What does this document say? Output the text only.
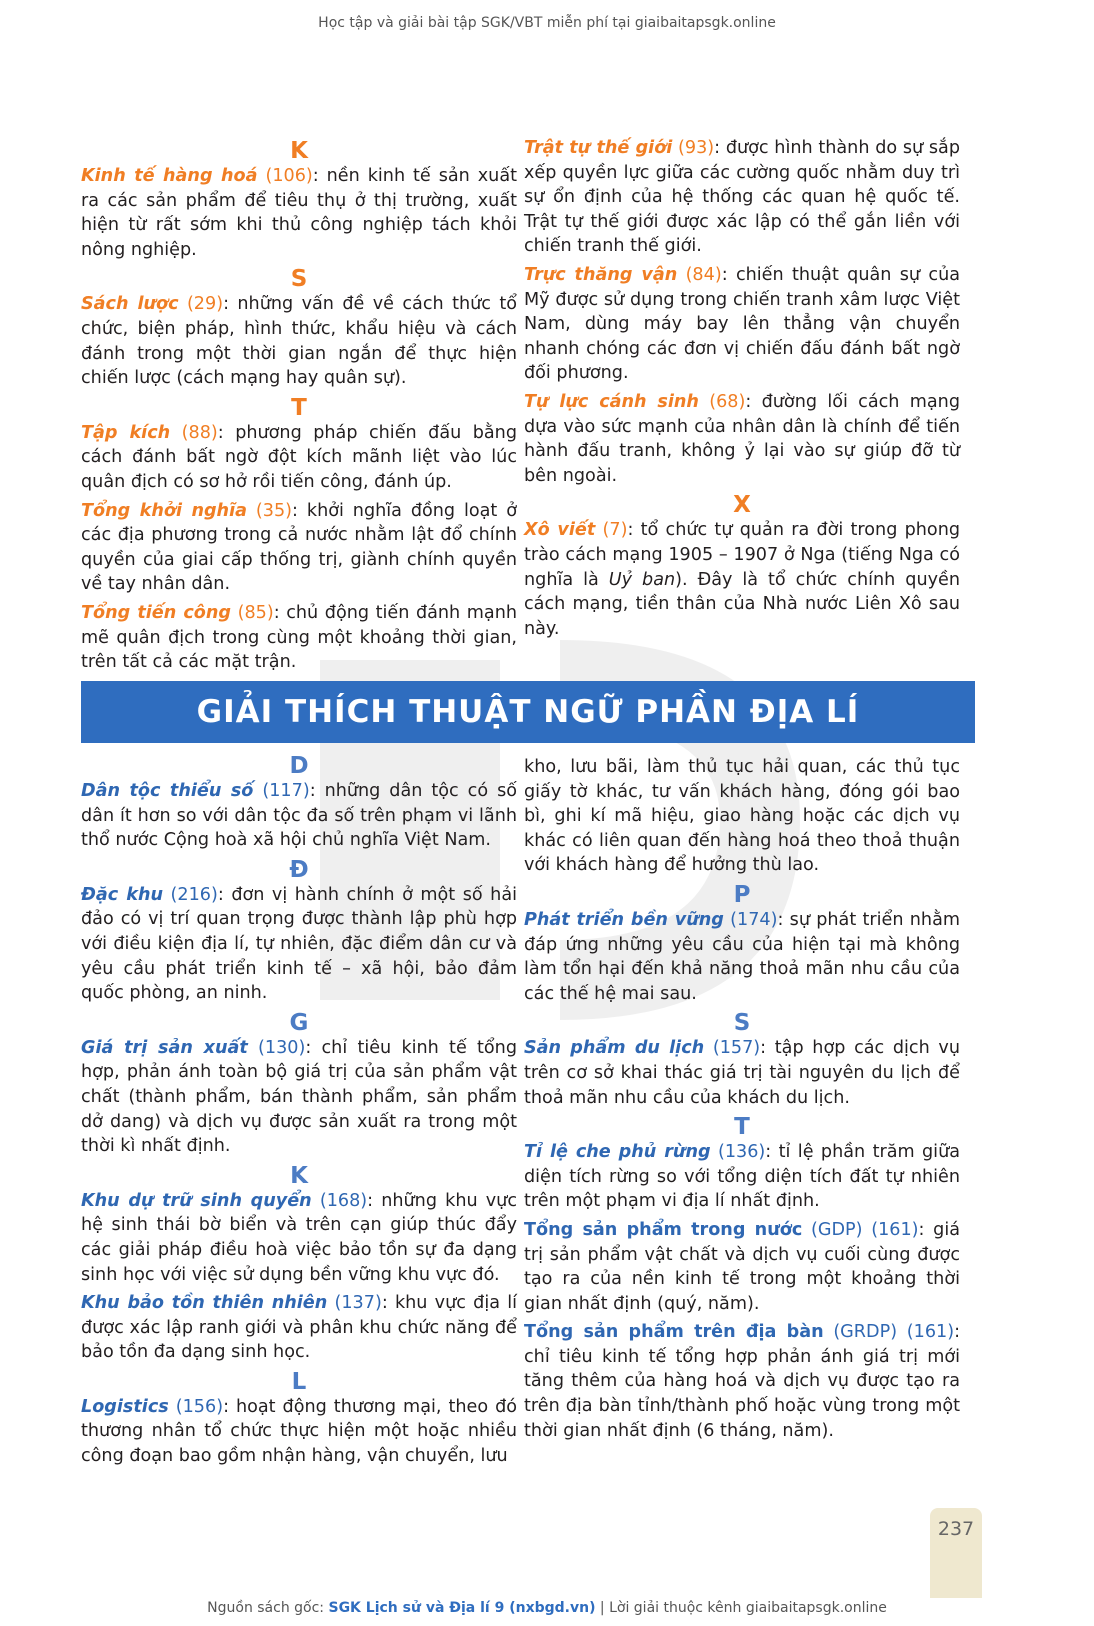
Học tập và giải bài tập SGK/VBT miễn phí tại giaibaitapsgk.online
K

Kinh tế hàng hoá (106): nền kinh tế sản xuất ra các sản phẩm để tiêu thụ ở thị trường, xuất hiện từ rất sớm khi thủ công nghiệp tách khỏi nông nghiệp.

S

Sách lược (29): những vấn đề về cách thức tổ chức, biện pháp, hình thức, khẩu hiệu và cách đánh trong một thời gian ngắn để thực hiện chiến lược (cách mạng hay quân sự).

T

Tập kích (88): phương pháp chiến đấu bằng cách đánh bất ngờ đột kích mãnh liệt vào lúc quân địch có sơ hở rồi tiến công, đánh úp.

Tổng khởi nghĩa (35): khởi nghĩa đồng loạt ở các địa phương trong cả nước nhằm lật đổ chính quyền của giai cấp thống trị, giành chính quyền về tay nhân dân.

Tổng tiến công (85): chủ động tiến đánh mạnh mẽ quân địch trong cùng một khoảng thời gian, trên tất cả các mặt trận.

Trật tự thế giới (93): được hình thành do sự sắp xếp quyền lực giữa các cường quốc nhằm duy trì sự ổn định của hệ thống các quan hệ quốc tế. Trật tự thế giới được xác lập có thể gắn liền với chiến tranh thế giới.

Trực thăng vận (84): chiến thuật quân sự của Mỹ được sử dụng trong chiến tranh xâm lược Việt Nam, dùng máy bay lên thẳng vận chuyển nhanh chóng các đơn vị chiến đấu đánh bất ngờ đối phương.

Tự lực cánh sinh (68): đường lối cách mạng dựa vào sức mạnh của nhân dân là chính để tiến hành đấu tranh, không ỷ lại vào sự giúp đỡ từ bên ngoài.

X

Xô viết (7): tổ chức tự quản ra đời trong phong trào cách mạng 1905 – 1907 ở Nga (tiếng Nga có nghĩa là Uỷ ban). Đây là tổ chức chính quyền cách mạng, tiền thân của Nhà nước Liên Xô sau này.

GIẢI THÍCH THUẬT NGỮ PHẦN ĐỊA LÍ
D

Dân tộc thiểu số (117): những dân tộc có số dân ít hơn so với dân tộc đa số trên phạm vi lãnh thổ nước Cộng hoà xã hội chủ nghĩa Việt Nam.

Đ

Đặc khu (216): đơn vị hành chính ở một số hải đảo có vị trí quan trọng được thành lập phù hợp với điều kiện địa lí, tự nhiên, đặc điểm dân cư và yêu cầu phát triển kinh tế – xã hội, bảo đảm quốc phòng, an ninh.

G

Giá trị sản xuất (130): chỉ tiêu kinh tế tổng hợp, phản ánh toàn bộ giá trị của sản phẩm vật chất (thành phẩm, bán thành phẩm, sản phẩm dở dang) và dịch vụ được sản xuất ra trong một thời kì nhất định.

K

Khu dự trữ sinh quyển (168): những khu vực hệ sinh thái bờ biển và trên cạn giúp thúc đẩy các giải pháp điều hoà việc bảo tồn sự đa dạng sinh học với việc sử dụng bền vững khu vực đó.

Khu bảo tồn thiên nhiên (137): khu vực địa lí được xác lập ranh giới và phân khu chức năng để bảo tồn đa dạng sinh học.

L

Logistics (156): hoạt động thương mại, theo đó thương nhân tổ chức thực hiện một hoặc nhiều công đoạn bao gồm nhận hàng, vận chuyển, lưu

kho, lưu bãi, làm thủ tục hải quan, các thủ tục giấy tờ khác, tư vấn khách hàng, đóng gói bao bì, ghi kí mã hiệu, giao hàng hoặc các dịch vụ khác có liên quan đến hàng hoá theo thoả thuận với khách hàng để hưởng thù lao.

P

Phát triển bền vững (174): sự phát triển nhằm đáp ứng những yêu cầu của hiện tại mà không làm tổn hại đến khả năng thoả mãn nhu cầu của các thế hệ mai sau.

S

Sản phẩm du lịch (157): tập hợp các dịch vụ trên cơ sở khai thác giá trị tài nguyên du lịch để thoả mãn nhu cầu của khách du lịch.

T

Tỉ lệ che phủ rừng (136): tỉ lệ phần trăm giữa diện tích rừng so với tổng diện tích đất tự nhiên trên một phạm vi địa lí nhất định.

Tổng sản phẩm trong nước (GDP) (161): giá trị sản phẩm vật chất và dịch vụ cuối cùng được tạo ra của nền kinh tế trong một khoảng thời gian nhất định (quý, năm).

Tổng sản phẩm trên địa bàn (GRDP) (161): chỉ tiêu kinh tế tổng hợp phản ánh giá trị mới tăng thêm của hàng hoá và dịch vụ được tạo ra trên địa bàn tỉnh/thành phố hoặc vùng trong một thời gian nhất định (6 tháng, năm).

237
Nguồn sách gốc: SGK Lịch sử và Địa lí 9 (nxbgd.vn) | Lời giải thuộc kênh giaibaitapsgk.online
